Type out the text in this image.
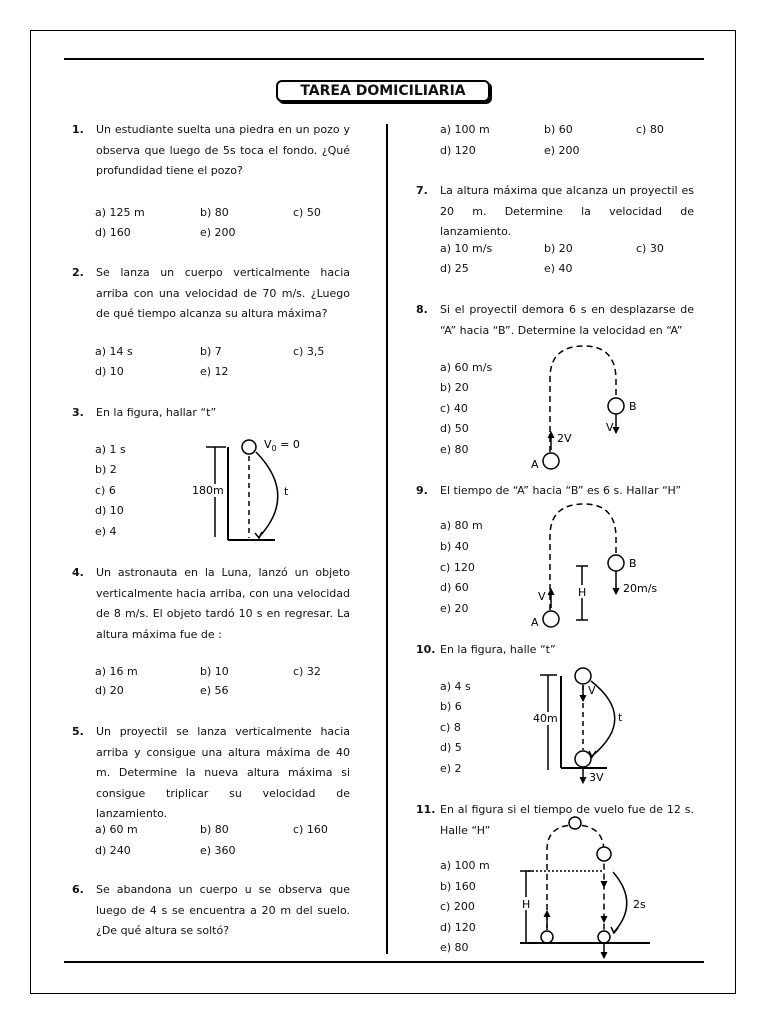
TAREA DOMICILIARIA
1. Un estudiante suelta una piedra en un pozo y observa que luego de 5s toca el fondo. ¿Qué profundidad tiene el pozo?
a) 125 m	b) 80	c) 50
d) 160	e) 200
2. Se lanza un cuerpo verticalmente hacia arriba con una velocidad de 70 m/s. ¿Luego de qué tiempo alcanza su altura máxima?
a) 14 s	b) 7	c) 3,5
d) 10	e) 12
3. En la figura, hallar “t”
a) 1 s
b) 2
c) 6
d) 10
e) 4
180m	t
$V_0 = 0$
4. Un astronauta en la Luna, lanzó un objeto verticalmente hacia arriba, con una velocidad de 8 m/s. El objeto tardó 10 s en regresar. La altura máxima fue de :
a) 16 m	b) 10	c) 32
d) 20	e) 56
5. Un proyectil se lanza verticalmente hacia arriba y consigue una altura máxima de 40 m. Determine la nueva altura máxima si consigue triplicar su velocidad de lanzamiento.
a) 60 m	b) 80	c) 160
d) 240	e) 360
6. Se abandona un cuerpo u se observa que luego de 4 s se encuentra a 20 m del suelo. ¿De qué altura se soltó?
a) 100 m	b) 60	c) 80
d) 120	e) 200
7. La altura máxima que alcanza un proyectil es 20 m. Determine la velocidad de lanzamiento.
a) 10 m/s	b) 20	c) 30
d) 25	e) 40
8. Si el proyectil demora 6 s en desplazarse de “A” hacia “B”. Determine la velocidad en “A”
a) 60 m/s
b) 20
c) 40
d) 50
e) 80
A
B
2V
V
9. El tiempo de “A” hacia “B” es 6 s. Hallar “H”
a) 80 m
b) 40
c) 120
d) 60
e) 20
H
A
B
V
20m/s
10. En la figura, halle “t”
a) 4 s
b) 6
c) 8
d) 5
e) 2
40m
V
3V
t
11. En al figura si el tiempo de vuelo fue de 12 s. Halle “H”
a) 100 m
b) 160
c) 200
d) 120
e) 80
H	2s
